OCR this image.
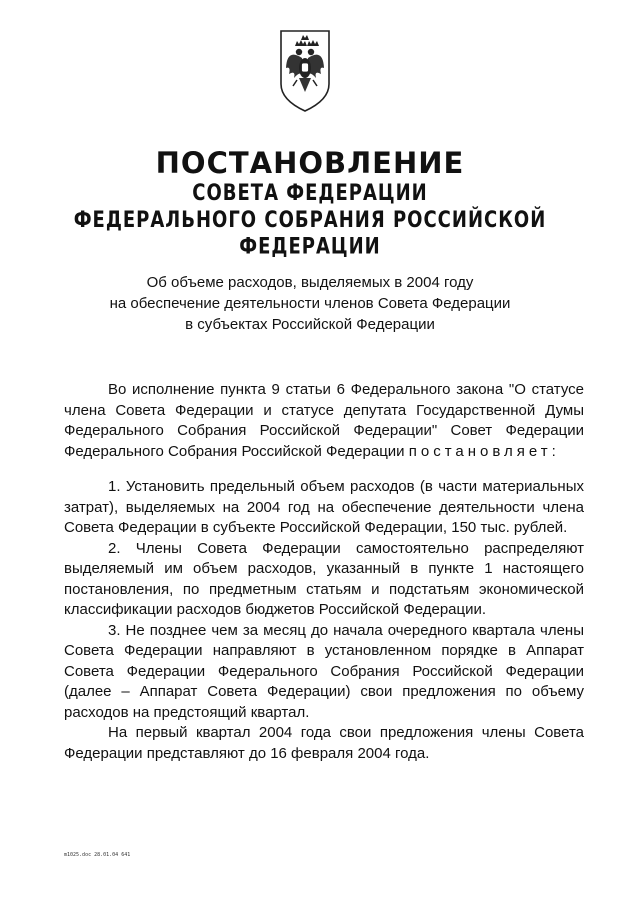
ПОСТАНОВЛЕНИЕ
СОВЕТА ФЕДЕРАЦИИ
ФЕДЕРАЛЬНОГО СОБРАНИЯ РОССИЙСКОЙ ФЕДЕРАЦИИ
Об объеме расходов, выделяемых в 2004 году
на обеспечение деятельности членов Совета Федерации
в субъектах Российской Федерации

Во исполнение пункта 9 статьи 6 Федерального закона "О статусе члена Совета Федерации и статусе депутата Государственной Думы Федерального Собрания Российской Федерации" Совет Федерации Федерального Собрания Российской Федерации постановляет:

1. Установить предельный объем расходов (в части материальных затрат), выделяемых на 2004 год на обеспечение деятельности члена Совета Федерации в субъекте Российской Федерации, 150 тыс. рублей.

2. Члены Совета Федерации самостоятельно распределяют выделяемый им объем расходов, указанный в пункте 1 настоящего постановления, по предметным статьям и подстатьям экономической классификации расходов бюджетов Российской Федерации.

3. Не позднее чем за месяц до начала очередного квартала члены Совета Федерации направляют в установленном порядке в Аппарат Совета Федерации Федерального Собрания Российской Федерации (далее – Аппарат Совета Федерации) свои предложения по объему расходов на предстоящий квартал.

На первый квартал 2004 года свои предложения члены Совета Федерации представляют до 16 февраля 2004 года.

m1025.doc 28.01.04 641
